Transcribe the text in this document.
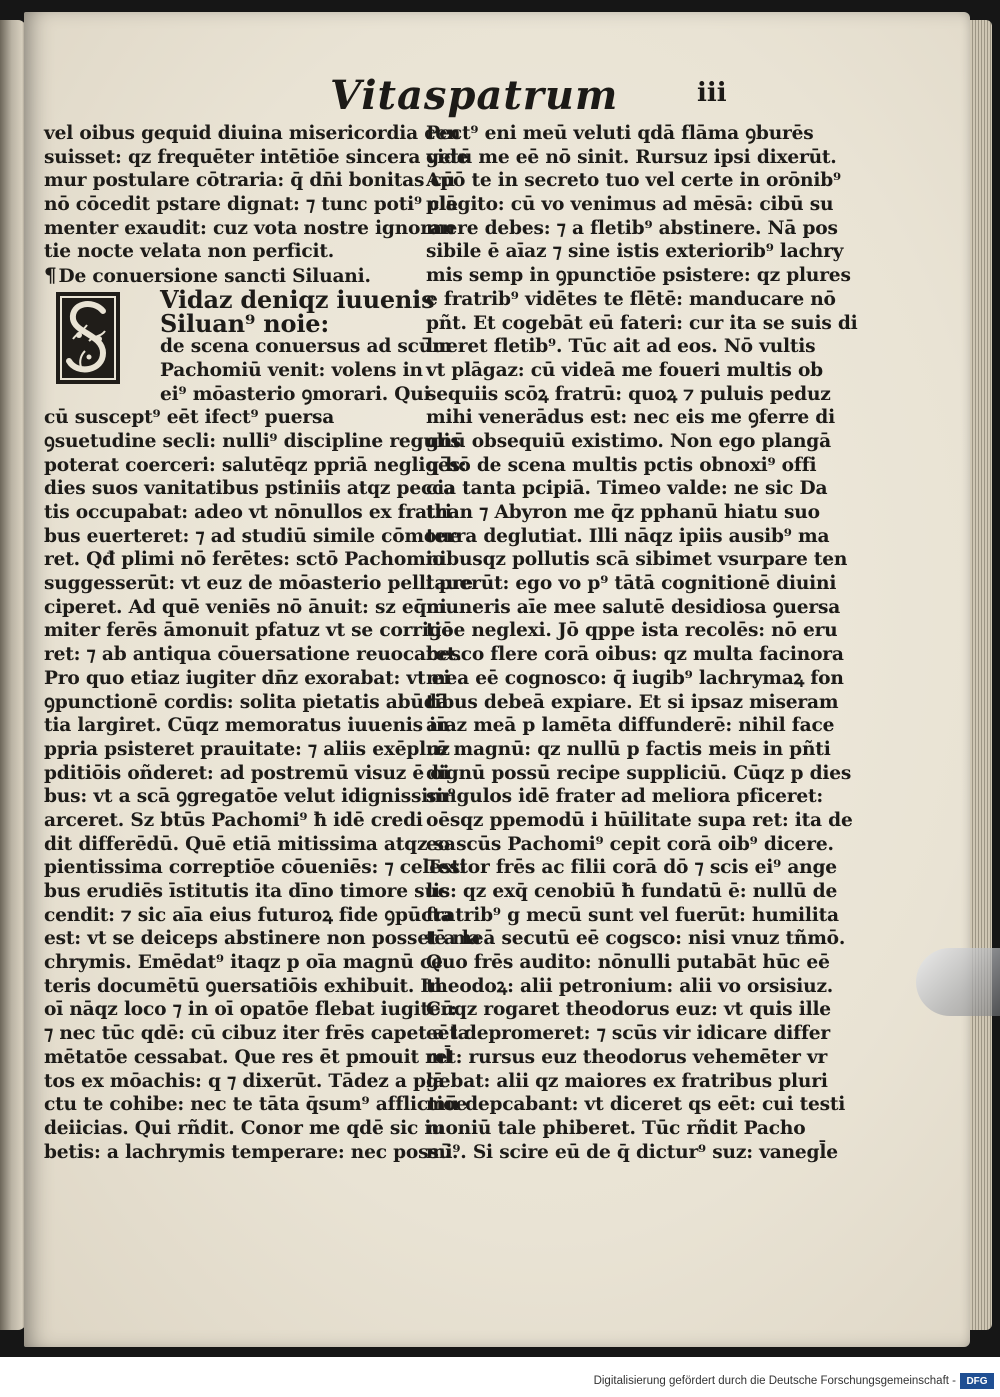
Vitaspatrum	iii
vel oibus gequid diuina misericordia cen
suisset: qz frequēter intētiōe sincera vide
mur postulare cōtraria: q̄ dn̄i bonitas cū
nō cōcedit pstare dignat: ⁊ tunc poti⁹ cle
menter exaudit: cuz vota nostre ignoran
tie nocte velata non perficit.
¶ De conuersione sancti Siluani.
Vidaz deniqz iuuenis
Siluan⁹ noie:
de scena conuersus ad scūm
Pachomiū venit: volens in
ei⁹ mōasterio ꝯmorari. Qui
cū suscept⁹ eēt ifect⁹ puersa
ꝯsuetudine secli: nulli⁹ discipline regulis
poterat coerceri: salutēqz ppriā negligēs:
dies suos vanitatibus pstiniis atqz pecca
tis occupabat: adeo vt nōnullos ex fratri
bus euerteret: ⁊ ad studiū simile cōmoue
ret. Qđ plimi nō ferētes: sctō Pachomio
suggesserūt: vt euz de mōasterio pelli pre
ciperet. Ad quē veniēs nō ānuit: sz eq̄ni
miter ferēs āmonuit pfatuz vt se corrige
ret: ⁊ ab antiqua cōuersatione reuocaret.
Pro quo etiaz iugiter dn̄z exorabat: vt ei
ꝯpunctionē cordis: solita pietatis abūdā
tia largiret. Cūqz memoratus iuuenis in
ppria psisteret prauitate: ⁊ aliis exēpluz
pditiōis oñderet: ad postremū visuz ē oi
bus: vt a scā ꝯgregatōe velut idignissim⁹
arceret. Sz btūs Pachomi⁹ ħ idē credi
dit differēdū. Quē etiā mitissima atqz sa
pientissima correptiōe cōueniēs: ⁊ celesti
bus erudiēs īstitutis ita dīno timore suc
cendit: ⁊ sic aīa eius futuroꝝ fide ꝯpūcta
est: vt se deiceps abstinere non posset a la
chrymis. Emēdat⁹ itaqz p oīa magnū ce
teris documētū ꝯuersatiōis exhibuit. In
oī nāqz loco ⁊ in oī opatōe flebat iugiter:
⁊ nec tūc qdē: cū cibuz iter frēs capet a la
mētatōe cessabat. Que res ēt pmouit ml̄
tos ex mōachis: q ⁊ dixerūt. Tādez a plā
ctu te cohibe: nec te tāta q̄sum⁹ afflictiōe
deiicias. Qui rñdit. Conor me qdē sic iu
betis: a lachrymis temperare: nec possū.
Pect⁹ eni meū veluti qdā flāma ꝯburēs
getū me eē nō sinit. Rursuz ipsi dixerūt.
Apō te in secreto tuo vel certe in orōnib⁹
plāgito: cū vo venimus ad mēsā: cibū su
mere debes: ⁊ a fletib⁹ abstinere. Nā pos
sibile ē aīaz ⁊ sine istis exteriorib⁹ lachry
mis semp in ꝯpunctiōe psistere: qz plures
e fratrib⁹ vidētes te flētē: manducare nō
pñt. Et cogebāt eū fateri: cur ita se suis di
lueret fletib⁹. Tūc ait ad eos. Nō vultis
vt plāgaz: cū videā me foueri multis ob
sequiis scōꝝ fratrū: quoꝝ ⁊ puluis peduz
mihi venerādus est: nec eis me ꝯferre di
gnū obsequiū existimo. Non ego plangā
q hō de scena multis pctis obnoxi⁹ offi
cia tanta pcipiā. Timeo valde: ne sic Da
than ⁊ Abyron me q̄z pphanū hiatu suo
terra deglutiat. Illi nāqz ipiis ausib⁹ ma
nibusqz pollutis scā sibimet vsurpare ten
tauerūt: ego vo p⁹ tātā cognitionē diuini
muneris aīe mee salutē desidiosa ꝯuersa
tiōe neglexi. Jō qppe ista recolēs: nō eru
besco flere corā oibus: qz multa facinora
mea eē cognosco: q̄ iugib⁹ lachrymaꝝ fon
tibus debeā expiare. Et si ipsaz miseram
aīaz meā p lamēta diffunderē: nihil face
rē magnū: qz nullū p factis meis in pñti
dignū possū recipe suppliciū. Cūqz p dies
singulos idē frater ad meliora pficeret:
oēsqz ppemodū i hūilitate supa ret: ita de
eo scūs Pachomi⁹ cepit corā oib⁹ dicere.
Testor frēs ac filii corā dō ⁊ scis ei⁹ ange
lis: qz exq̄ cenobiū ħ fundatū ē: nullū de
fratrib⁹ g mecū sunt vel fuerūt: humilita
tē meā secutū eē cogsco: nisi vnuz tñmō.
Quo frēs audito: nōnulli putabāt hūc eē
theodoꝝ: alii petronium: alii vo orsisiuz.
Cūqz rogaret theodorus euz: vt quis ille
eēt depromeret: ⁊ scūs vir idicare differ
ret: rursus euz theodorus vehemēter vr
gebat: alii qz maiores ex fratribus pluri
mū depcabant: vt diceret qs eēt: cui testi
moniū tale phiberet. Tūc rñdit Pacho
mi⁹. Si scire eū de q̄ dictur⁹ suz: vanegl̄e
Digitalisierung gefördert durch die Deutsche Forschungsgemeinschaft -	DFG
